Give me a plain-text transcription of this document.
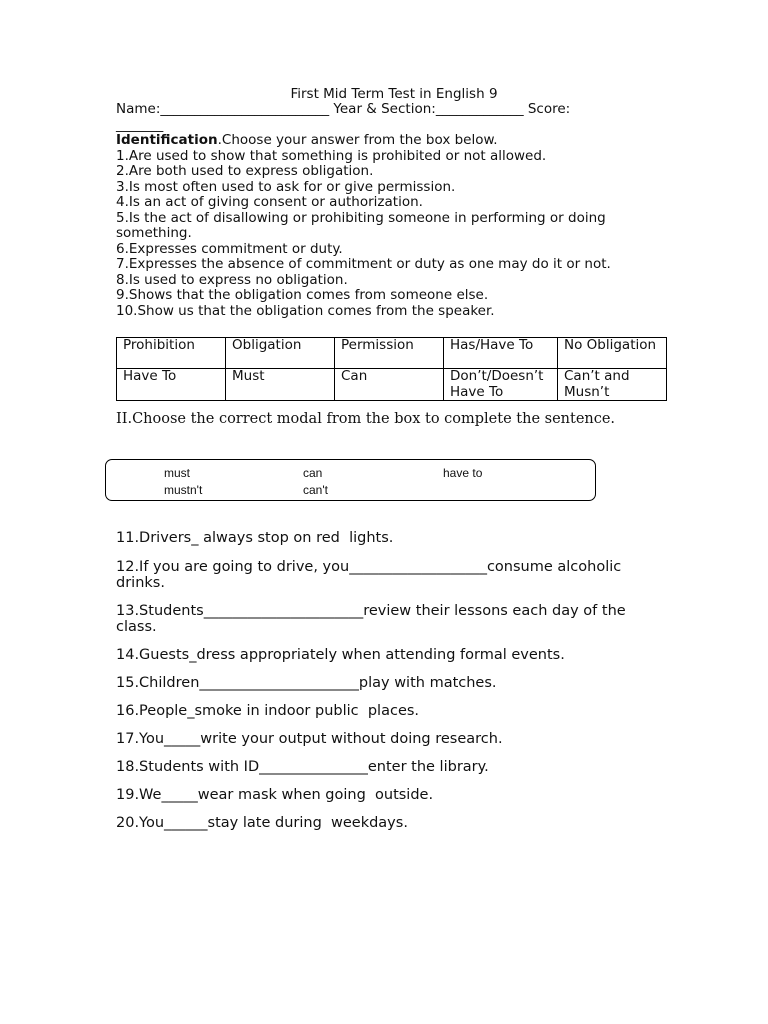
First Mid Term Test in English 9
Name:_________________________ Year & Section:_____________ Score:
_______
Identification.Choose your answer from the box below.
1.Are used to show that something is prohibited or not allowed.
2.Are both used to express obligation.
3.Is most often used to ask for or give permission.
4.Is an act of giving consent or authorization.
5.Is the act of disallowing or prohibiting someone in performing or doing something.
6.Expresses commitment or duty.
7.Expresses the absence of commitment or duty as one may do it or not.
8.Is used to express no obligation.
9.Shows that the obligation comes from someone else.
10.Show us that the obligation comes from the speaker.
Prohibition	Obligation	Permission	Has/Have To	No Obligation
Have To	Must	Can	Don’t/Doesn’t Have To	Can’t and Musn’t
II.Choose the correct modal from the box to complete the sentence.
must	can	have to
mustn't	can't
11.Drivers_ always stop on red  lights.
12.If you are going to drive, you___________________consume alcoholic drinks.
13.Students______________________review their lessons each day of the class.
14.Guests_dress appropriately when attending formal events.
15.Children______________________play with matches.
16.People_smoke in indoor public  places.
17.You_____write your output without doing research.
18.Students with ID_______________enter the library.
19.We_____wear mask when going  outside.
20.You______stay late during  weekdays.
